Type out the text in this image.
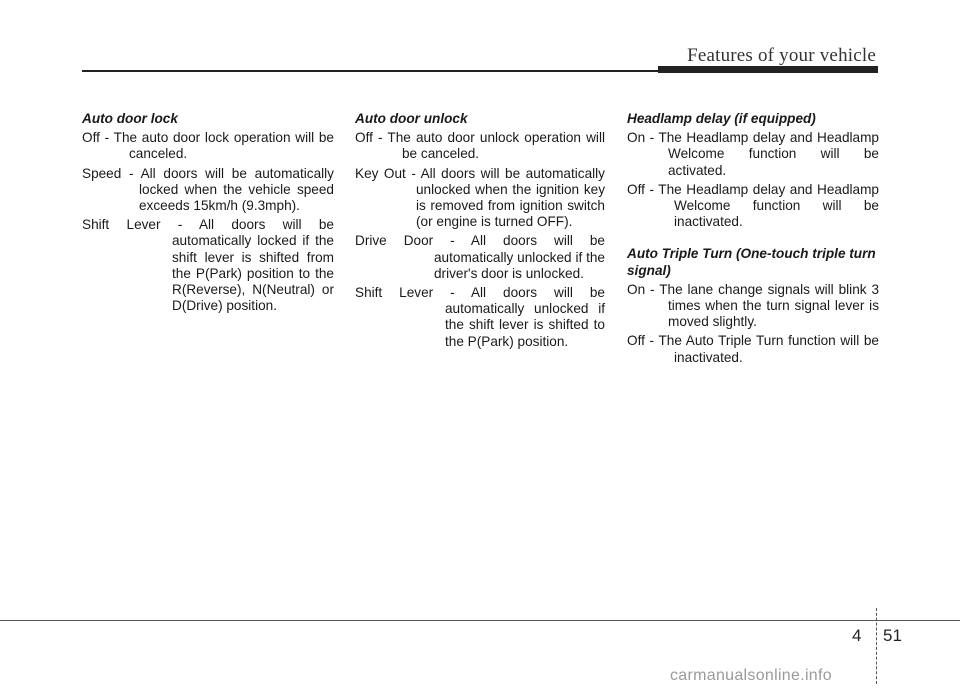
Features of your vehicle
Auto door lock
Off - The auto door lock operation will be canceled.
Speed - All doors will be automatically locked when the vehicle speed exceeds 15km/h (9.3mph).
Shift Lever - All doors will be automatically locked if the shift lever is shifted from the P(Park) position to the R(Reverse), N(Neutral) or D(Drive) position.
Auto door unlock
Off - The auto door unlock operation will be canceled.
Key Out - All doors will be automatically unlocked when the ignition key is removed from ignition switch (or engine is turned OFF).
Drive Door - All doors will be automatically unlocked if the driver's door is unlocked.
Shift Lever - All doors will be automatically unlocked if the shift lever is shifted to the P(Park) position.
Headlamp delay (if equipped)
On - The Headlamp delay and Headlamp Welcome function will be activated.
Off - The Headlamp delay and Headlamp Welcome function will be inactivated.
Auto Triple Turn (One-touch triple turn signal)
On - The lane change signals will blink 3 times when the turn signal lever is moved slightly.
Off - The Auto Triple Turn function will be inactivated.
4 51
carmanualsonline.info
